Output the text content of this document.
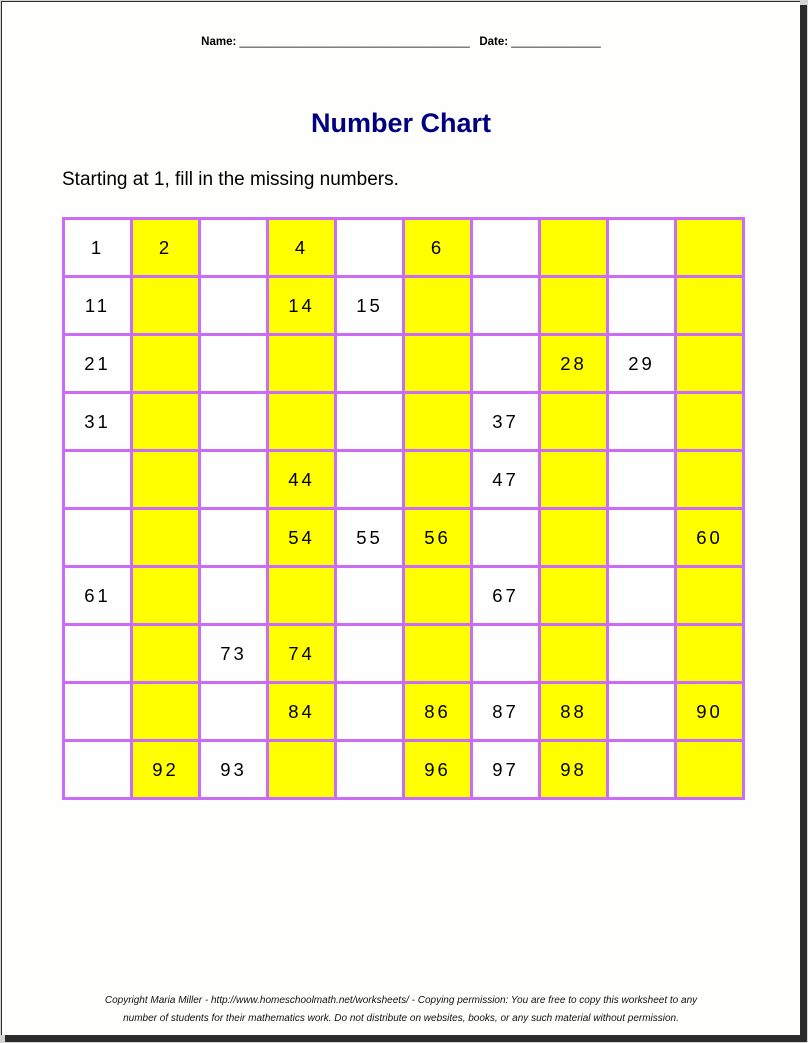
Name: ____________________________________   Date: ______________
Number Chart
Starting at 1, fill in the missing numbers.
1	2		4		6				
11			14	15					
21							28	29	
31						37			
			44			47			
			54	55	56				60
61						67			
		73	74						
			84		86	87	88		90
	92	93			96	97	98		
Copyright Maria Miller - http://www.homeschoolmath.net/worksheets/ - Copying permission: You are free to copy this worksheet to any
number of students for their mathematics work. Do not distribute on websites, books, or any such material without permission.
